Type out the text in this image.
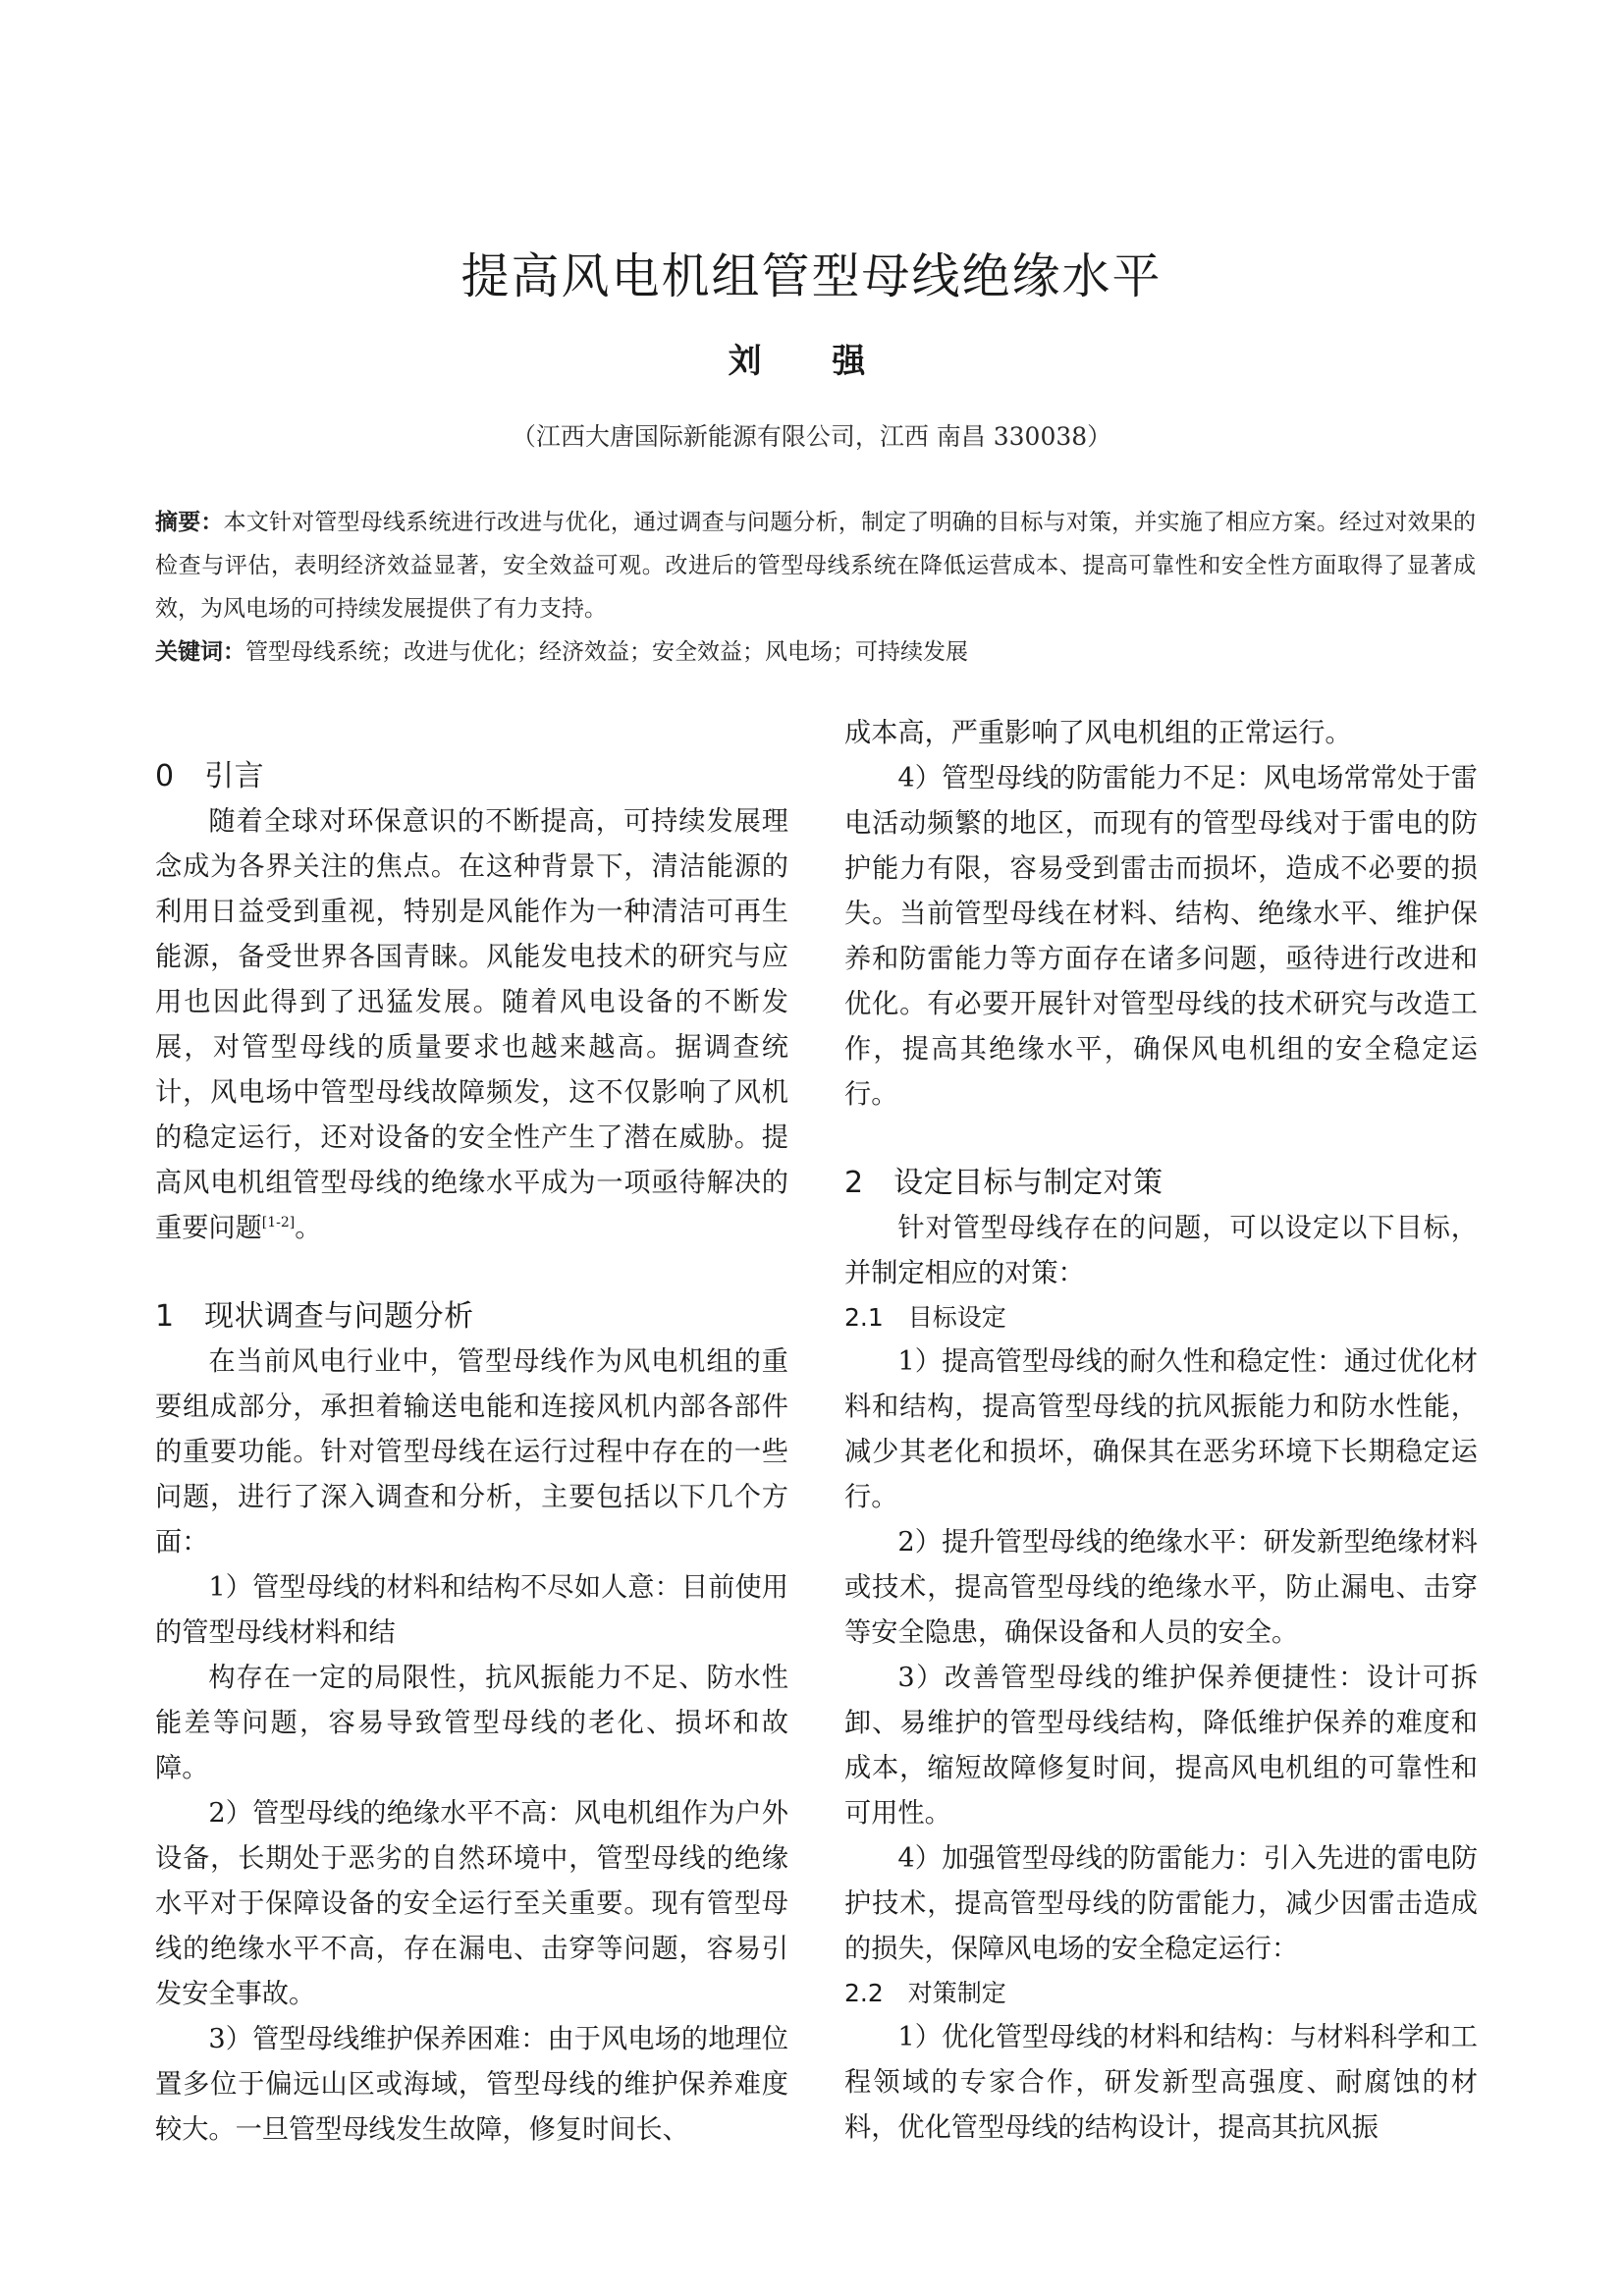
提高风电机组管型母线绝缘水平
刘 强
（江西大唐国际新能源有限公司，江西 南昌 330038）
摘要：本文针对管型母线系统进行改进与优化，通过调查与问题分析，制定了明确的目标与对策，并实施了相应方案。经过对效果的检查与评估，表明经济效益显著，安全效益可观。改进后的管型母线系统在降低运营成本、提高可靠性和安全性方面取得了显著成效，为风电场的可持续发展提供了有力支持。
关键词：管型母线系统；改进与优化；经济效益；安全效益；风电场；可持续发展
0　引言

随着全球对环保意识的不断提高，可持续发展理念成为各界关注的焦点。在这种背景下，清洁能源的利用日益受到重视，特别是风能作为一种清洁可再生能源，备受世界各国青睐。风能发电技术的研究与应用也因此得到了迅猛发展。随着风电设备的不断发展，对管型母线的质量要求也越来越高。据调查统计，风电场中管型母线故障频发，这不仅影响了风机的稳定运行，还对设备的安全性产生了潜在威胁。提高风电机组管型母线的绝缘水平成为一项亟待解决的重要问题[1-2]。

1　现状调查与问题分析

在当前风电行业中，管型母线作为风电机组的重要组成部分，承担着输送电能和连接风机内部各部件的重要功能。针对管型母线在运行过程中存在的一些问题，进行了深入调查和分析，主要包括以下几个方面：

1）管型母线的材料和结构不尽如人意：目前使用的管型母线材料和结

构存在一定的局限性，抗风振能力不足、防水性能差等问题，容易导致管型母线的老化、损坏和故障。

2）管型母线的绝缘水平不高：风电机组作为户外设备，长期处于恶劣的自然环境中，管型母线的绝缘水平对于保障设备的安全运行至关重要。现有管型母线的绝缘水平不高，存在漏电、击穿等问题，容易引发安全事故。

3）管型母线维护保养困难：由于风电场的地理位置多位于偏远山区或海域，管型母线的维护保养难度较大。一旦管型母线发生故障，修复时间长、

成本高，严重影响了风电机组的正常运行。

4）管型母线的防雷能力不足：风电场常常处于雷电活动频繁的地区，而现有的管型母线对于雷电的防护能力有限，容易受到雷击而损坏，造成不必要的损失。当前管型母线在材料、结构、绝缘水平、维护保养和防雷能力等方面存在诸多问题，亟待进行改进和优化。有必要开展针对管型母线的技术研究与改造工作，提高其绝缘水平，确保风电机组的安全稳定运行。

2　设定目标与制定对策

针对管型母线存在的问题，可以设定以下目标，并制定相应的对策：

2.1　目标设定

1）提高管型母线的耐久性和稳定性：通过优化材料和结构，提高管型母线的抗风振能力和防水性能，减少其老化和损坏，确保其在恶劣环境下长期稳定运行。

2）提升管型母线的绝缘水平：研发新型绝缘材料或技术，提高管型母线的绝缘水平，防止漏电、击穿等安全隐患，确保设备和人员的安全。

3）改善管型母线的维护保养便捷性：设计可拆卸、易维护的管型母线结构，降低维护保养的难度和成本，缩短故障修复时间，提高风电机组的可靠性和可用性。

4）加强管型母线的防雷能力：引入先进的雷电防护技术，提高管型母线的防雷能力，减少因雷击造成的损失，保障风电场的安全稳定运行：

2.2　对策制定

1）优化管型母线的材料和结构：与材料科学和工程领域的专家合作，研发新型高强度、耐腐蚀的材料，优化管型母线的结构设计，提高其抗风振
